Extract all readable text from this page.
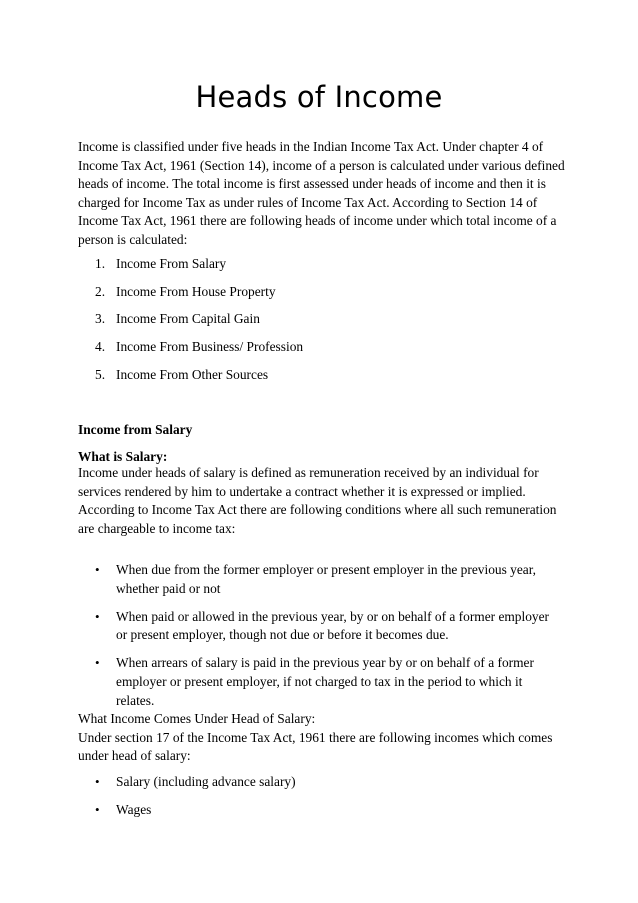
Heads of Income

Income is classified under five heads in the Indian Income Tax Act. Under chapter 4 of Income Tax Act, 1961 (Section 14), income of a person is calculated under various defined heads of income. The total income is first assessed under heads of income and then it is charged for Income Tax as under rules of Income Tax Act. According to Section 14 of Income Tax Act, 1961 there are following heads of income under which total income of a person is calculated:

1. Income From Salary
2. Income From House Property
3. Income From Capital Gain
4. Income From Business/ Profession
5. Income From Other Sources
Income from Salary
What is Salary:

Income under heads of salary is defined as remuneration received by an individual for services rendered by him to undertake a contract whether it is expressed or implied. According to Income Tax Act there are following conditions where all such remuneration are chargeable to income tax:

•	When due from the former employer or present employer in the previous year, whether paid or not
•	When paid or allowed in the previous year, by or on behalf of a former employer or present employer, though not due or before it becomes due.
•	When arrears of salary is paid in the previous year by or on behalf of a former employer or present employer, if not charged to tax in the period to which it relates.

What Income Comes Under Head of Salary:
Under section 17 of the Income Tax Act, 1961 there are following incomes which comes under head of salary:

•	Salary (including advance salary)
•	Wages
